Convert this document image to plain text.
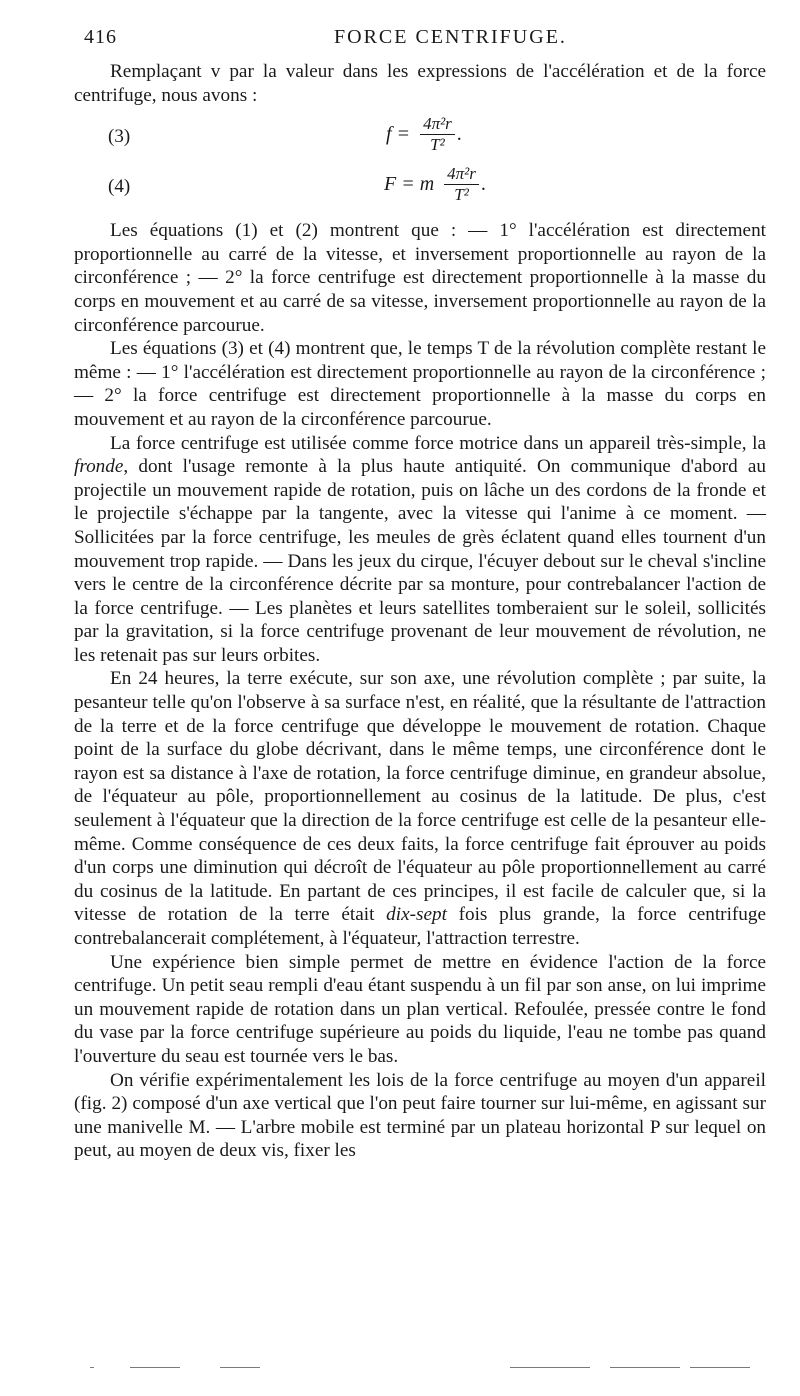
416	FORCE CENTRIFUGE.

Remplaçant v par la valeur dans les expressions de l'accélération et de la force centrifuge, nous avons :

(3)	$f = \frac{\text{4π²r}}{\text{T²}}$ .
(4)	F = m $\frac{\text{4π²r}}{\text{T²}}$ .

Les équations (1) et (2) montrent que : — 1° l'accélération est directement proportionnelle au carré de la vitesse, et inversement proportionnelle au rayon de la circonférence ; — 2° la force centrifuge est directement proportionnelle à la masse du corps en mouvement et au carré de sa vitesse, inversement proportionnelle au rayon de la circonférence parcourue.

Les équations (3) et (4) montrent que, le temps T de la révolution complète restant le même : — 1° l'accélération est directement proportionnelle au rayon de la circonférence ; — 2° la force centrifuge est directement proportionnelle à la masse du corps en mouvement et au rayon de la circonférence parcourue.

La force centrifuge est utilisée comme force motrice dans un appareil très-simple, la fronde, dont l'usage remonte à la plus haute antiquité. On communique d'abord au projectile un mouvement rapide de rotation, puis on lâche un des cordons de la fronde et le projectile s'échappe par la tangente, avec la vitesse qui l'anime à ce moment. — Sollicitées par la force centrifuge, les meules de grès éclatent quand elles tournent d'un mouvement trop rapide. — Dans les jeux du cirque, l'écuyer debout sur le cheval s'incline vers le centre de la circonférence décrite par sa monture, pour contrebalancer l'action de la force centrifuge. — Les planètes et leurs satellites tomberaient sur le soleil, sollicités par la gravitation, si la force centrifuge provenant de leur mouvement de révolution, ne les retenait pas sur leurs orbites.

En 24 heures, la terre exécute, sur son axe, une révolution complète ; par suite, la pesanteur telle qu'on l'observe à sa surface n'est, en réalité, que la résultante de l'attraction de la terre et de la force centrifuge que développe le mouvement de rotation. Chaque point de la surface du globe décrivant, dans le même temps, une circonférence dont le rayon est sa distance à l'axe de rotation, la force centrifuge diminue, en grandeur absolue, de l'équateur au pôle, proportionnellement au cosinus de la latitude. De plus, c'est seulement à l'équateur que la direction de la force centrifuge est celle de la pesanteur elle-même. Comme conséquence de ces deux faits, la force centrifuge fait éprouver au poids d'un corps une diminution qui décroît de l'équateur au pôle proportionnellement au carré du cosinus de la latitude. En partant de ces principes, il est facile de calculer que, si la vitesse de rotation de la terre était dix-sept fois plus grande, la force centrifuge contrebalancerait complétement, à l'équateur, l'attraction terrestre.

Une expérience bien simple permet de mettre en évidence l'action de la force centrifuge. Un petit seau rempli d'eau étant suspendu à un fil par son anse, on lui imprime un mouvement rapide de rotation dans un plan vertical. Refoulée, pressée contre le fond du vase par la force centrifuge supérieure au poids du liquide, l'eau ne tombe pas quand l'ouverture du seau est tournée vers le bas.

On vérifie expérimentalement les lois de la force centrifuge au moyen d'un appareil (fig. 2) composé d'un axe vertical que l'on peut faire tourner sur lui-même, en agissant sur une manivelle M. — L'arbre mobile est terminé par un plateau horizontal P sur lequel on peut, au moyen de deux vis, fixer les
